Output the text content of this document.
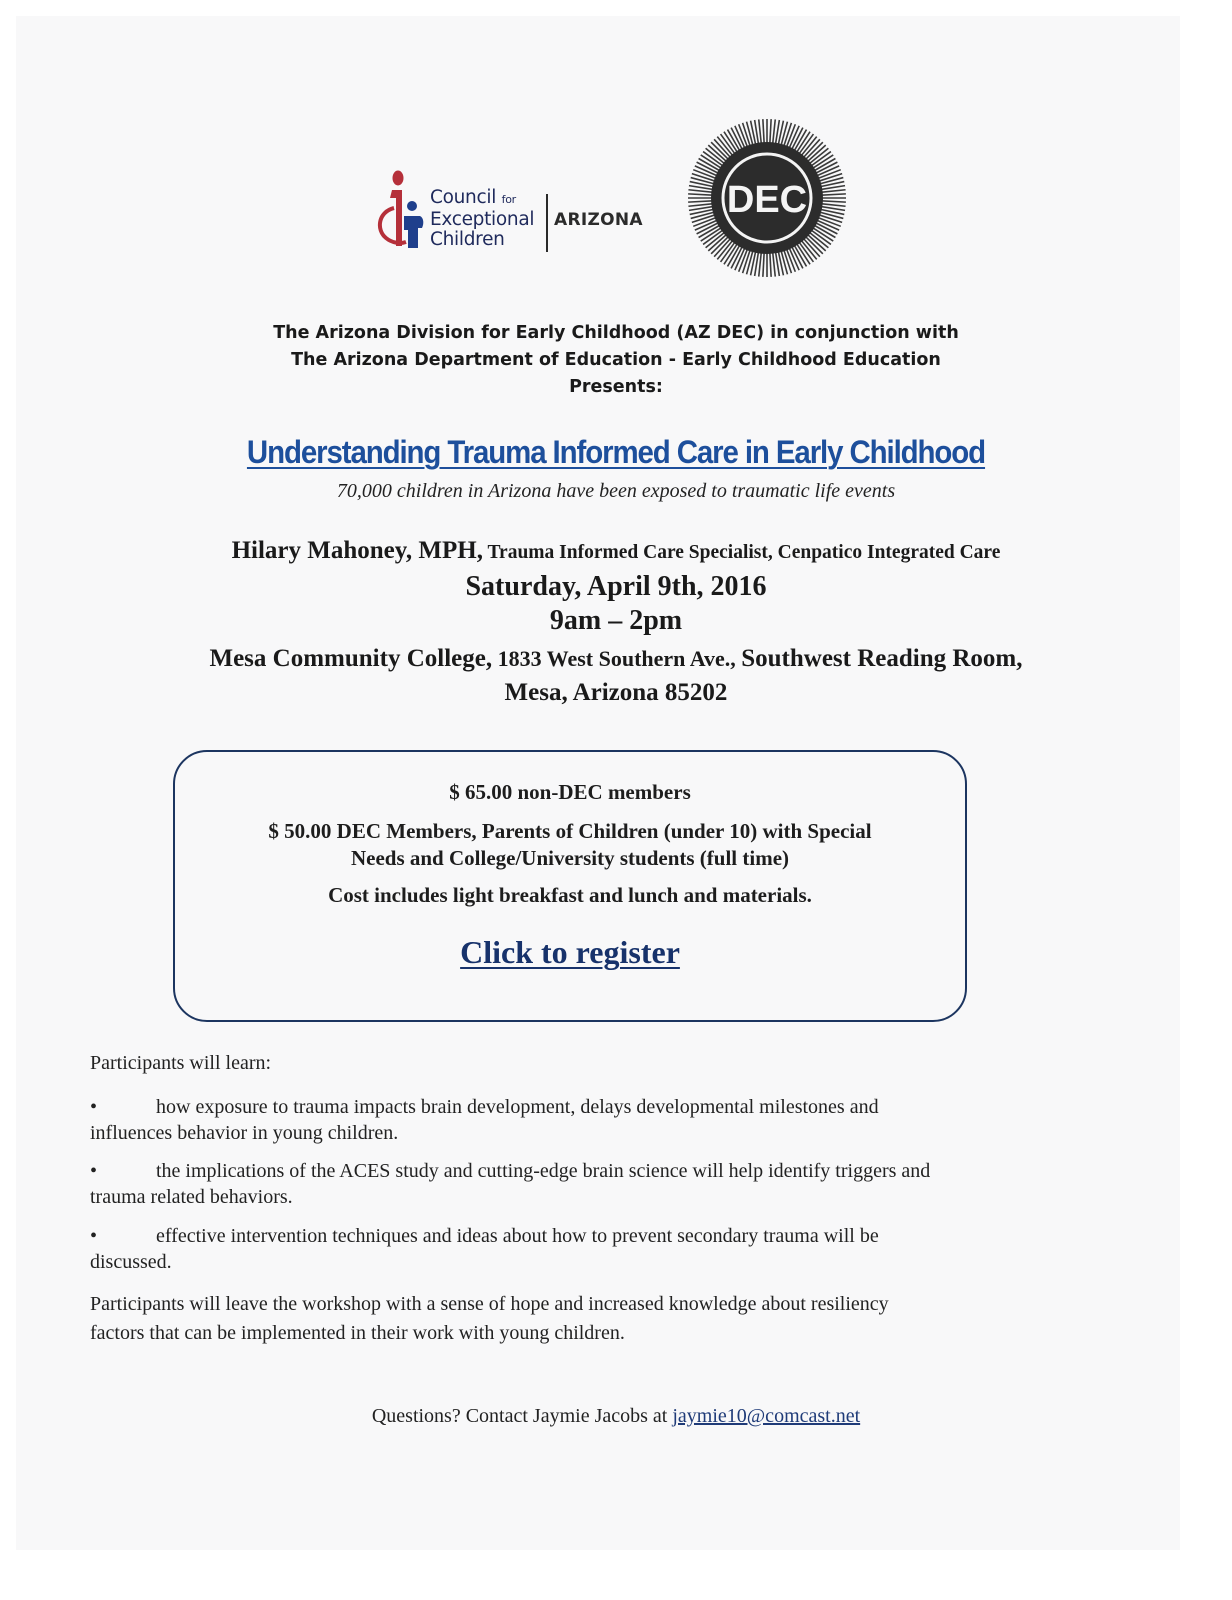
Council for
Exceptional
Children
ARIZONA DEC
The Arizona Division for Early Childhood (AZ DEC) in conjunction with
The Arizona Department of Education - Early Childhood Education
Presents:
Understanding Trauma Informed Care in Early Childhood
70,000 children in Arizona have been exposed to traumatic life events
Hilary Mahoney, MPH, Trauma Informed Care Specialist, Cenpatico Integrated Care
Saturday, April 9th, 2016
9am – 2pm
Mesa Community College, 1833 West Southern Ave., Southwest Reading Room,
Mesa, Arizona 85202
$ 65.00 non-DEC members
$ 50.00 DEC Members, Parents of Children (under 10) with Special
Needs and College/University students (full time)
Cost includes light breakfast and lunch and materials.
Click to register
Participants will learn:
•	how exposure to trauma impacts brain development, delays developmental milestones and
influences behavior in young children.
•	the implications of the ACES study and cutting-edge brain science will help identify triggers and
trauma related behaviors.
•	effective intervention techniques and ideas about how to prevent secondary trauma will be
discussed.
Participants will leave the workshop with a sense of hope and increased knowledge about resiliency
factors that can be implemented in their work with young children.
Questions? Contact Jaymie Jacobs at jaymie10@comcast.net
